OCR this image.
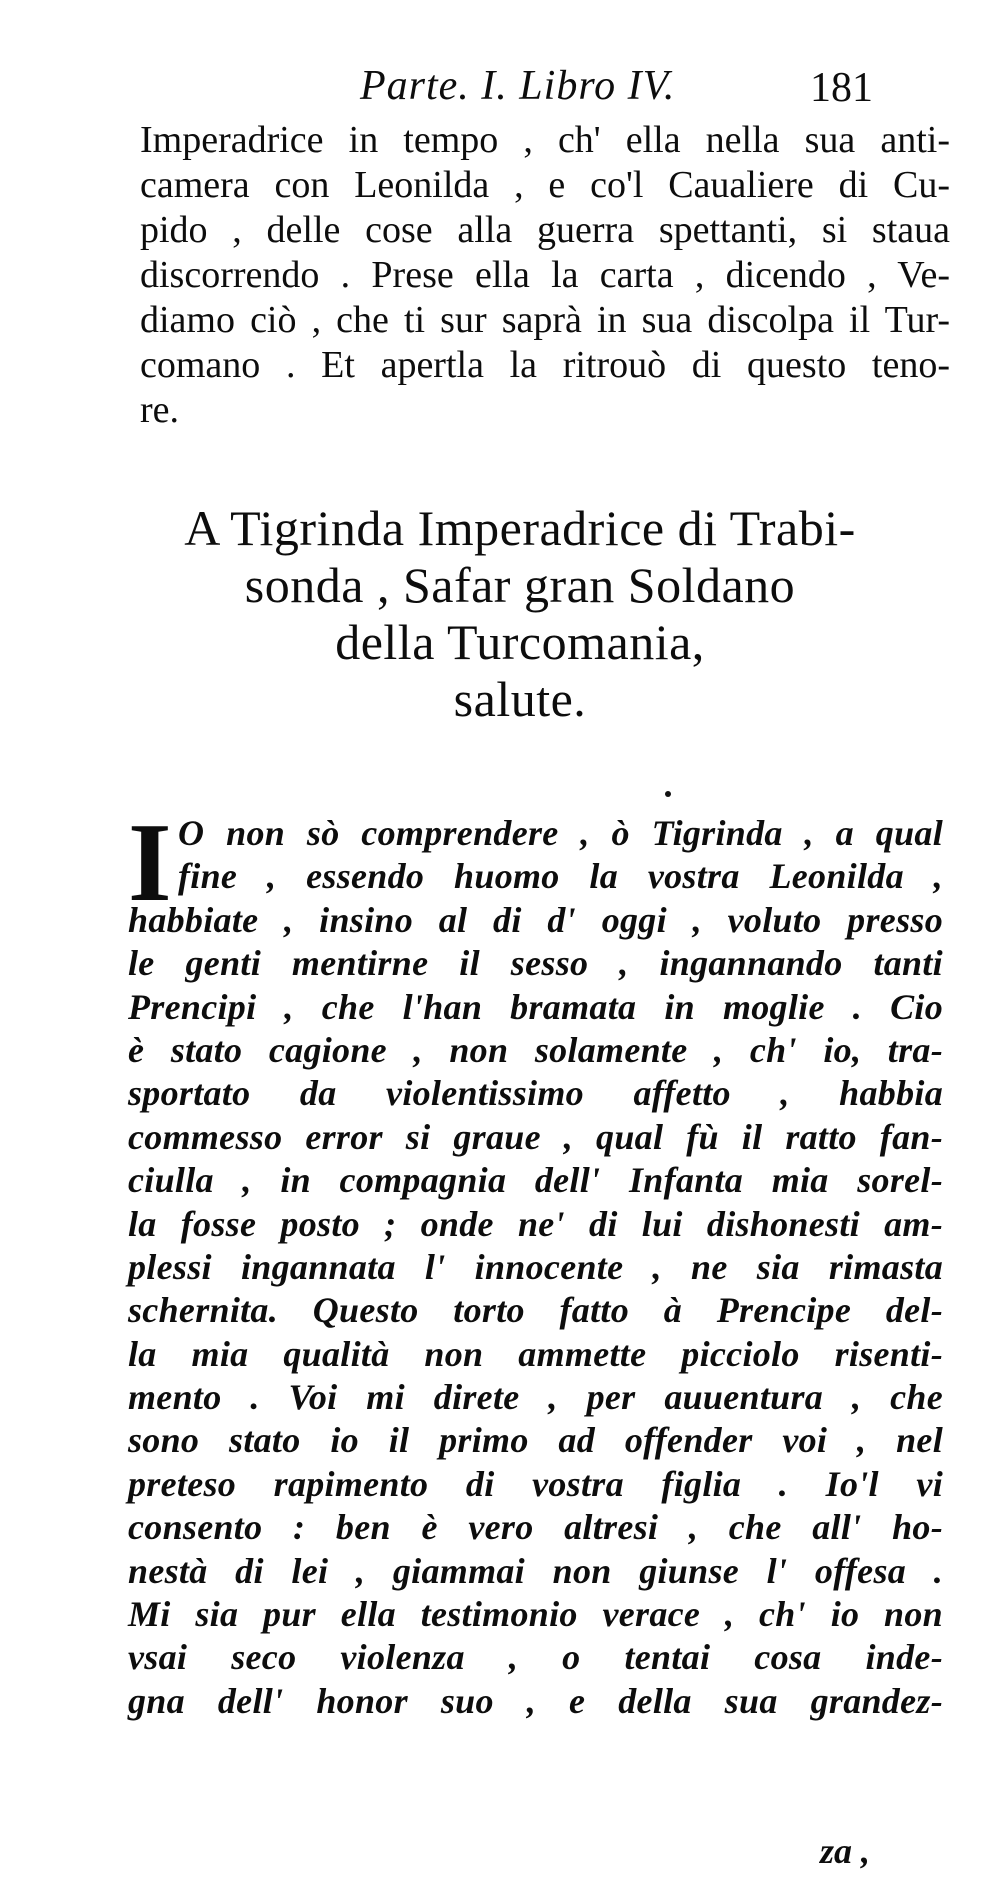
Parte. I. Libro IV.	181
Imperadrice in tempo , ch' ella nella sua anti-
camera con Leonilda , e co'l Caualiere di Cu-
pido , delle cose alla guerra spettanti, si staua
discorrendo . Prese ella la carta , dicendo , Ve-
diamo ciò , che ti sur saprà in sua discolpa il Tur-
comano . Et apertla la ritrouò di questo teno-
re.
A Tigrinda Imperadrice di Trabi-
sonda , Safar gran Soldano
della Turcomania,
salute.
I O non sò comprendere , ò Tigrinda , a qual
fine , essendo huomo la vostra Leonilda ,
habbiate , insino al di d' oggi , voluto presso
le genti mentirne il sesso , ingannando tanti
Prencipi , che l'han bramata in moglie . Cio
è stato cagione , non solamente , ch' io, tra-
sportato da violentissimo affetto , habbia
commesso error si graue , qual fù il ratto fan-
ciulla , in compagnia dell' Infanta mia sorel-
la fosse posto ; onde ne' di lui dishonesti am-
plessi ingannata l' innocente , ne sia rimasta
schernita. Questo torto fatto à Prencipe del-
la mia qualità non ammette picciolo risenti-
mento . Voi mi direte , per auuentura , che
sono stato io il primo ad offender voi , nel
preteso rapimento di vostra figlia . Io'l vi
consento : ben è vero altresi , che all' ho-
nestà di lei , giammai non giunse l' offesa .
Mi sia pur ella testimonio verace , ch' io non
vsai seco violenza , o tentai cosa inde-
gna dell' honor suo , e della sua grandez-
za ,
